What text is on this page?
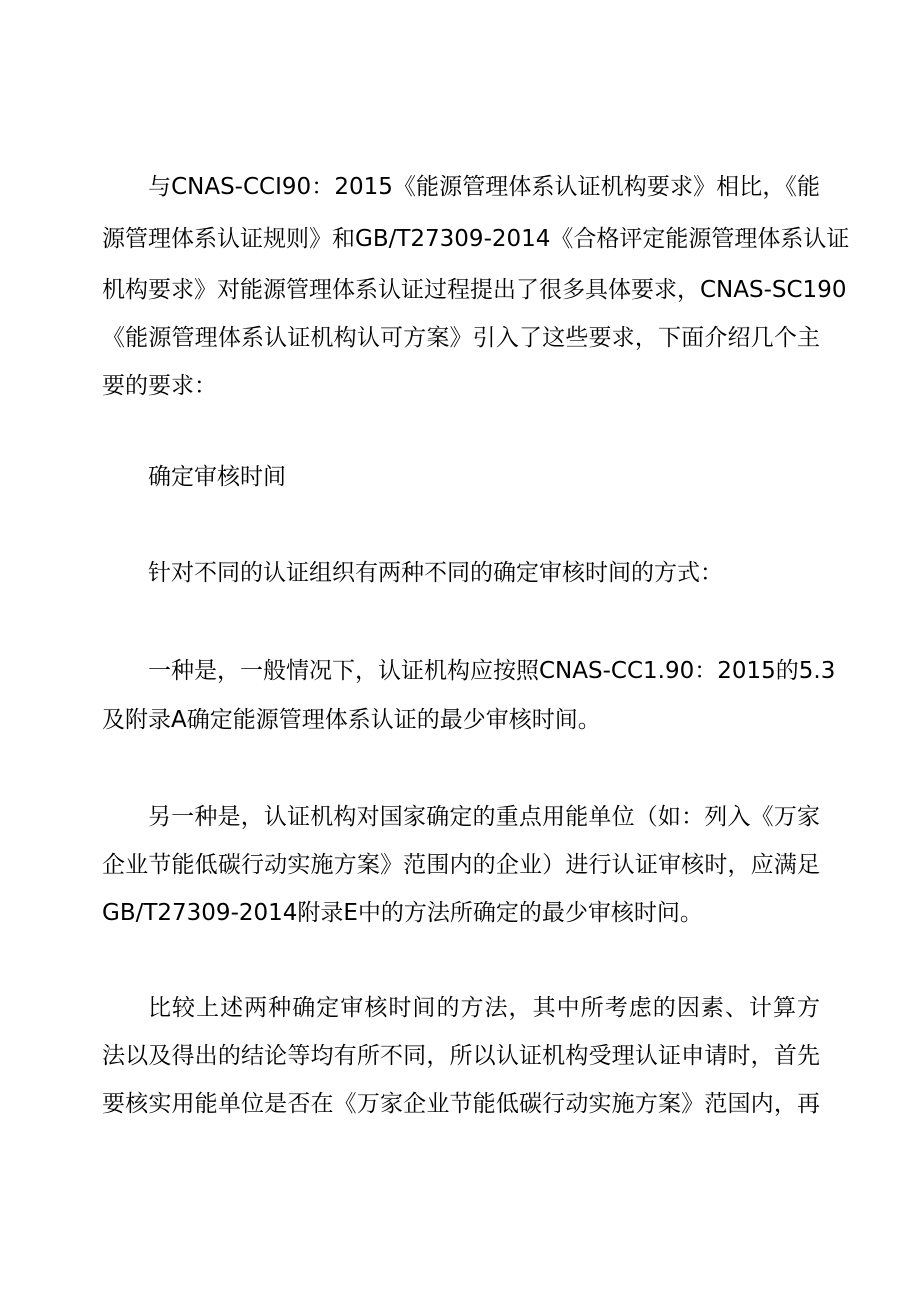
与CNAS-CCI90：2015《能源管理体系认证机构要求》相比，《能

源管理体系认证规则》和GB/T27309-2014《合格评定能源管理体系认证

机构要求》对能源管理体系认证过程提出了很多具体要求，CNAS-SC190

《能源管理体系认证机构认可方案》引入了这些要求，下面介绍几个主

要的要求：

确定审核时间

针对不同的认证组织有两种不同的确定审核时间的方式：

一种是，一般情况下，认证机构应按照CNAS-CC1.90：2015的5.3

及附录A确定能源管理体系认证的最少审核时间。

另一种是，认证机构对国家确定的重点用能单位（如：列入《万家

企业节能低碳行动实施方案》范围内的企业）进行认证审核时，应满足

GB/T27309-2014附录E中的方法所确定的最少审核时问。

比较上述两种确定审核时间的方法，其中所考虑的因素、计算方

法以及得出的结论等均有所不同，所以认证机构受理认证申请时，首先

要核实用能单位是否在《万家企业节能低碳行动实施方案》范国内，再
